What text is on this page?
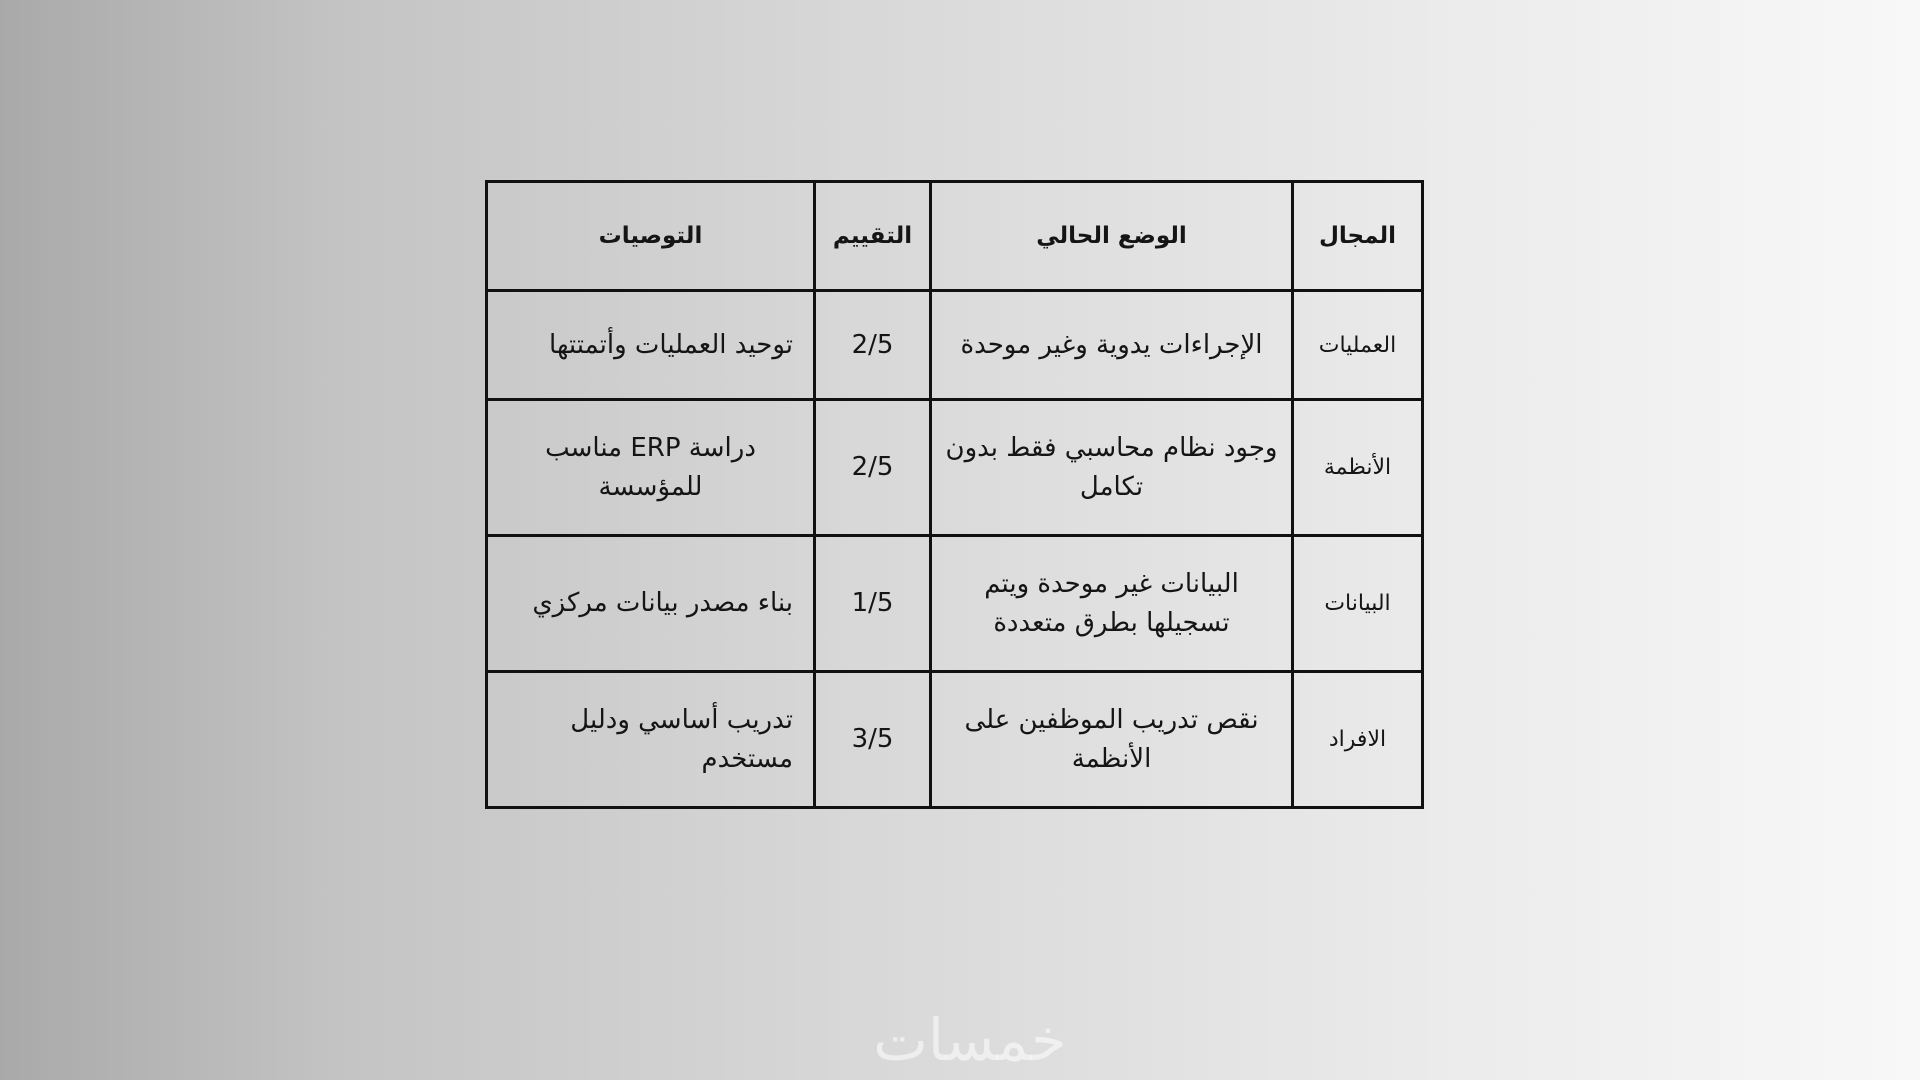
المجال	الوضع الحالي	التقييم	التوصيات
العمليات	الإجراءات يدوية وغير موحدة	2/5	توحيد العمليات وأتمتتها
الأنظمة	وجود نظام محاسبي فقط بدون تكامل	2/5	دراسة ERP مناسب للمؤسسة
البيانات	البيانات غير موحدة ويتم تسجيلها بطرق متعددة	1/5	بناء مصدر بيانات مركزي
الافراد	نقص تدريب الموظفين على الأنظمة	3/5	تدريب أساسي ودليل مستخدم
خمسات
